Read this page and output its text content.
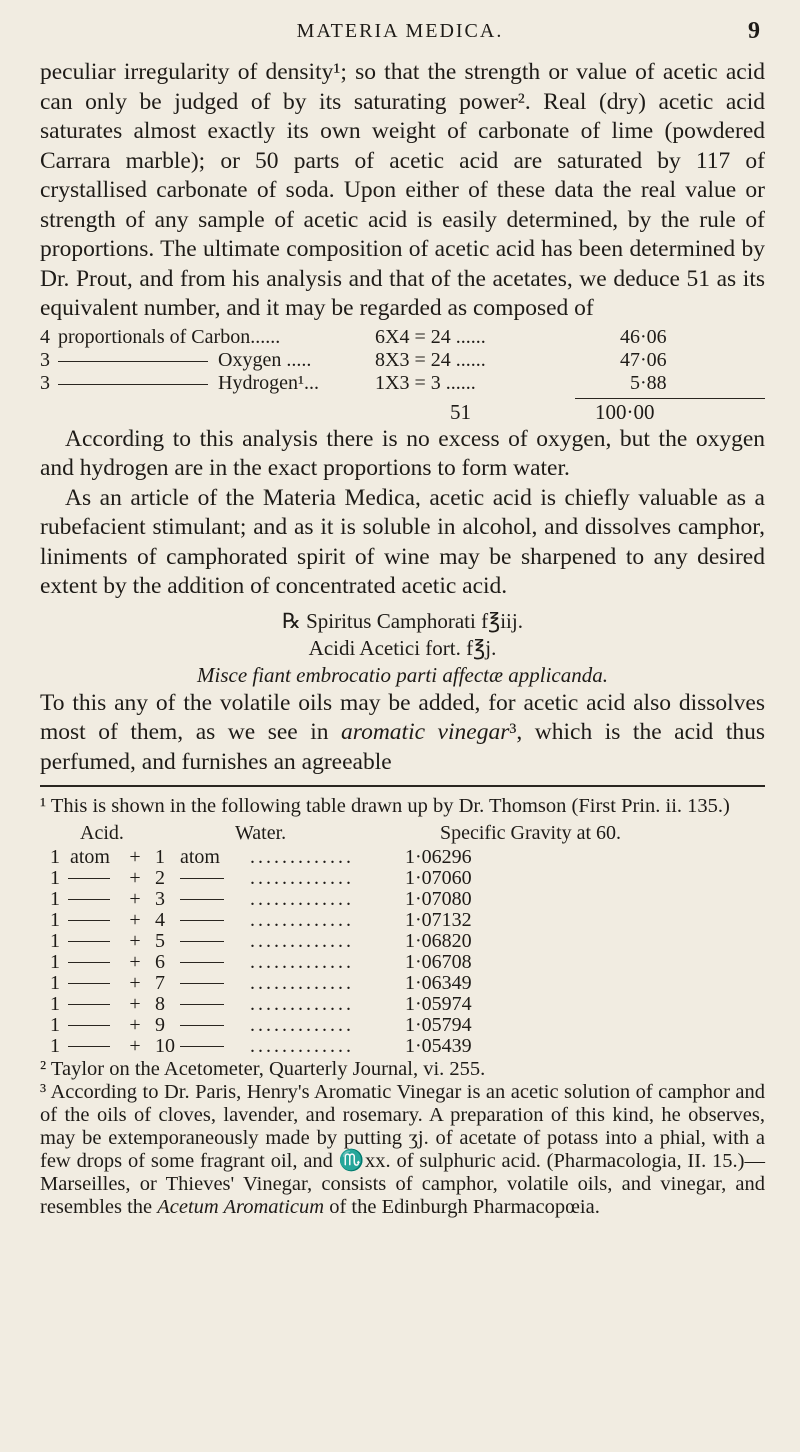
MATERIA MEDICA.	9

peculiar irregularity of density¹; so that the strength or value of acetic acid can only be judged of by its saturating power². Real (dry) acetic acid saturates almost exactly its own weight of carbonate of lime (powdered Carrara marble); or 50 parts of acetic acid are saturated by 117 of crystallised carbonate of soda. Upon either of these data the real value or strength of any sample of acetic acid is easily determined, by the rule of proportions. The ultimate composition of acetic acid has been determined by Dr. Prout, and from his analysis and that of the acetates, we deduce 51 as its equivalent number, and it may be regarded as composed of

4 proportionals of Carbon......	6X4 = 24 ......	46·06
3	Oxygen .....	8X3 = 24 ......	47·06
3	Hydrogen¹...	1X3 = 3 ......	5·88
51	100·00

According to this analysis there is no excess of oxygen, but the oxygen and hydrogen are in the exact proportions to form water.

As an article of the Materia Medica, acetic acid is chiefly valuable as a rubefacient stimulant; and as it is soluble in alcohol, and dissolves camphor, liniments of camphorated spirit of wine may be sharpened to any desired extent by the addition of concentrated acetic acid.

℞ Spiritus Camphorati f℥iij.
Acidi Acetici fort. f℥j.
Misce fiant embrocatio parti affectæ applicanda.

To this any of the volatile oils may be added, for acetic acid also dissolves most of them, as we see in aromatic vinegar³, which is the acid thus perfumed, and furnishes an agreeable

¹ This is shown in the following table drawn up by Dr. Thomson (First Prin. ii. 135.)

Acid.	Water.	Specific Gravity at 60.
1 atom + 1 atom .............	1·06296
1	+ 2	.............	1·07060
1	+ 3	.............	1·07080
1	+ 4	.............	1·07132
1	+ 5	.............	1·06820
1	+ 6	.............	1·06708
1	+ 7	.............	1·06349
1	+ 8	.............	1·05974
1	+ 9	.............	1·05794
1	+ 10	.............	1·05439

² Taylor on the Acetometer, Quarterly Journal, vi. 255.

³ According to Dr. Paris, Henry's Aromatic Vinegar is an acetic solution of camphor and of the oils of cloves, lavender, and rosemary. A preparation of this kind, he observes, may be extemporaneously made by putting ʒj. of acetate of potass into a phial, with a few drops of some fragrant oil, and ♏xx. of sulphuric acid. (Pharmacologia, II. 15.)—Marseilles, or Thieves' Vinegar, consists of camphor, volatile oils, and vinegar, and resembles the Acetum Aromaticum of the Edinburgh Pharmacopœia.
